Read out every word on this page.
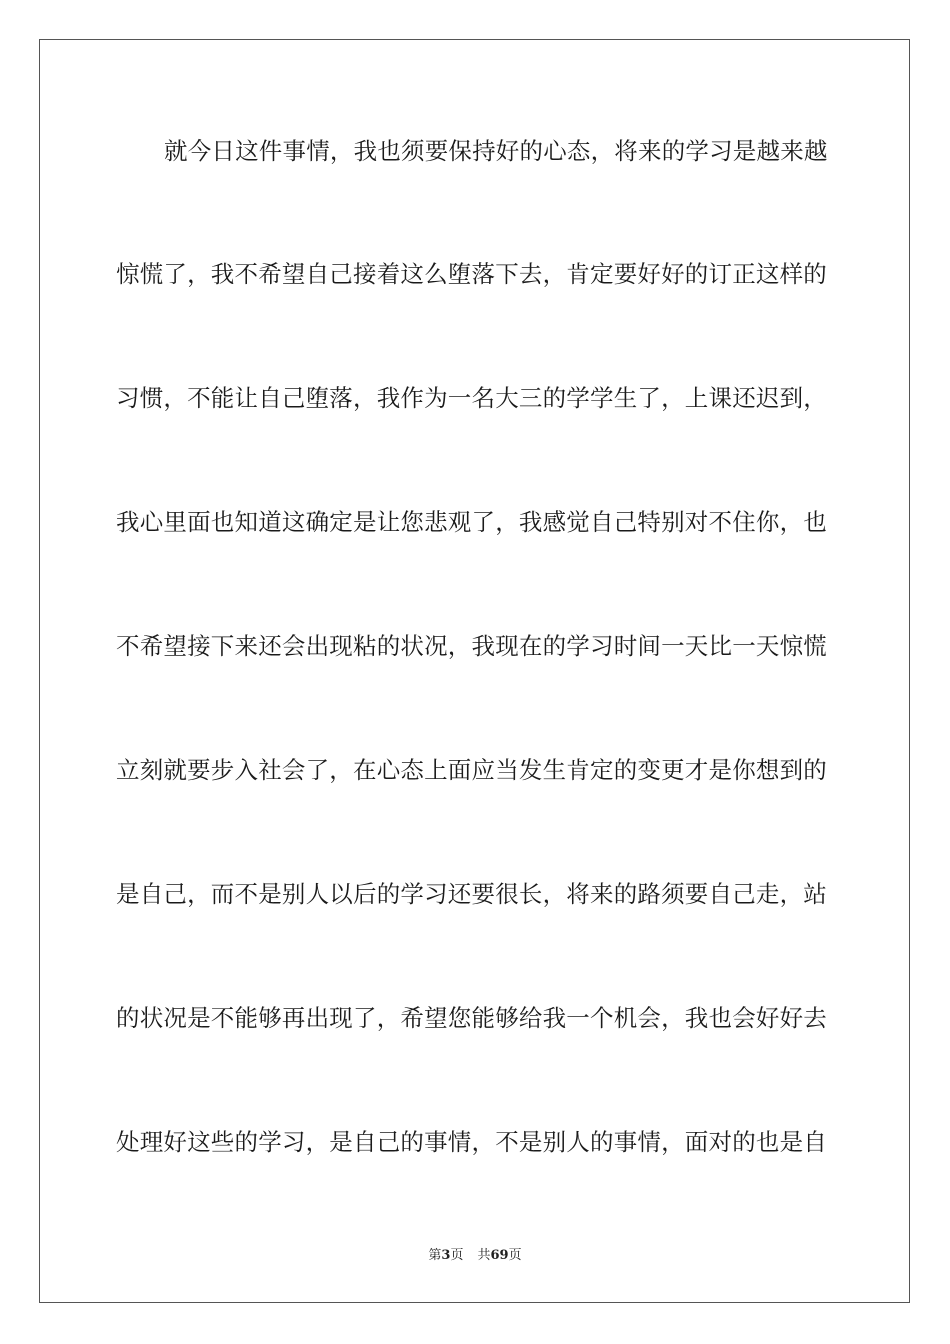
就今日这件事情，我也须要保持好的心态，将来的学习是越来越
惊慌了，我不希望自己接着这么堕落下去，肯定要好好的订正这样的
习惯，不能让自己堕落，我作为一名大三的学学生了，上课还迟到，
我心里面也知道这确定是让您悲观了，我感觉自己特别对不住你，也
不希望接下来还会出现粘的状况，我现在的学习时间一天比一天惊慌
立刻就要步入社会了，在心态上面应当发生肯定的变更才是你想到的
是自己，而不是别人以后的学习还要很长，将来的路须要自己走，站
的状况是不能够再出现了，希望您能够给我一个机会，我也会好好去
处理好这些的学习，是自己的事情，不是别人的事情，面对的也是自
第3页 共69页
